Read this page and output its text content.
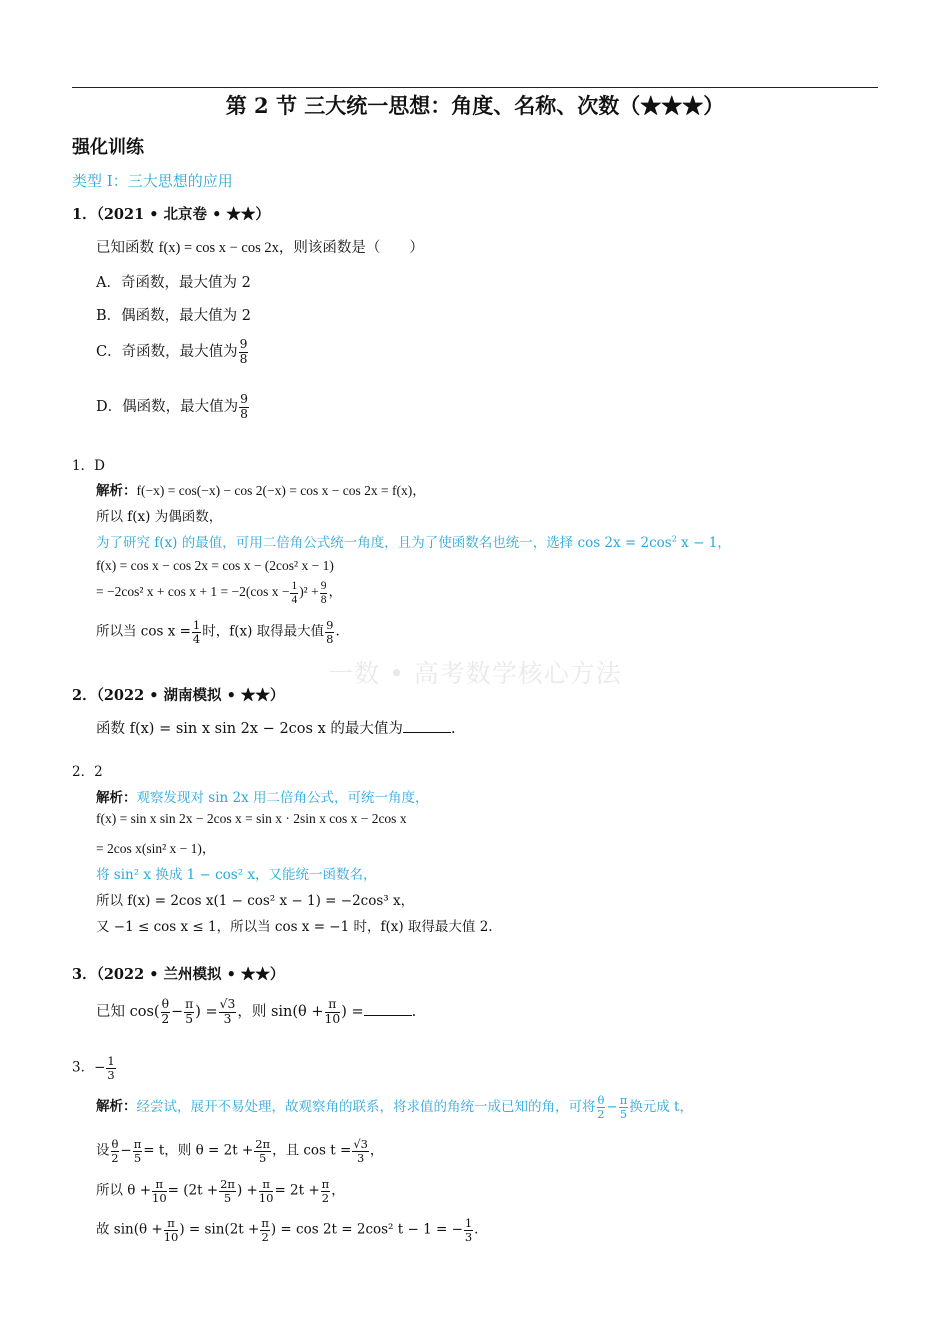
第 2 节 三大统一思想：角度、名称、次数（★★★）
强化训练
类型 I：三大思想的应用
1．（2021 • 北京卷 • ★★）
已知函数 f(x) = cos x − cos 2x，则该函数是（　　）
A．奇函数，最大值为 2
B．偶函数，最大值为 2
C．奇函数，最大值为 $\frac{9}{8}$
D．偶函数，最大值为 $\frac{9}{8}$
1．D
解析：f(−x) = cos(−x) − cos 2(−x) = cos x − cos 2x = f(x)，
所以 f(x) 为偶函数，
为了研究 f(x) 的最值，可用二倍角公式统一角度，且为了使函数名也统一，选择 $\cos 2x = 2\cos^2$ x − 1，
f(x) = cos x − cos 2x = cos x − (2cos² x − 1)
= −2cos² x + cos x + 1 = −2(cos $x - \frac{1}{4} )^2 + \frac{9}{8}$ ，
所以当 $\cos x = \frac{1}{4}$ 时，f(x) 取得最大值 $\frac{9}{8}$ .
一数 • 高考数学核心方法
2．（2022 • 湖南模拟 • ★★）
函数 f(x) = sin x sin 2x − 2cos x 的最大值为	.
2．2
解析：观察发现对 sin 2x 用二倍角公式，可统一角度，
f(x) = sin x sin 2x − 2cos x = sin x · 2sin x cos x − 2cos x
= 2cos x(sin² x − 1)，
将 sin² x 换成 1 − cos² x，又能统一函数名，
所以 f(x) = 2cos x(1 − cos² x − 1) = −2cos³ x，
又 −1 ≤ cos x ≤ 1，所以当 cos x = −1 时，f(x) 取得最大值 2.
3．（2022 • 兰州模拟 • ★★）
已知 $\cos( \frac{\theta}{2} - \frac{\pi}{5}$ ) = $\frac{√3}{3}$ ，则 $\sin(\theta + \frac{\pi}{10}$ ) =	.
3．− $\frac{1}{3}$
解析：经尝试，展开不易处理，故观察角的联系，将求值的角统一成已知的角，可将 $\frac{\theta}{2} - \frac{\pi}{5}$ 换元成 t，
设 $\frac{\theta}{2} - \frac{\pi}{5} = t$，则 $\theta = 2t + \frac{2\pi}{5}$ ，且 $\cos t = \frac{√3}{3}$ ，
所以 $\theta + \frac{\pi}{10} = (2t + \frac{2\pi}{5}$ ) + $\frac{\pi}{10} = 2t + \frac{\pi}{2}$ ，
故 $\sin(\theta + \frac{\pi}{10}$ ) = $\sin(2t + \frac{\pi}{2}$ ) = cos 2t = 2cos² t − 1 = − $\frac{1}{3}$ .
